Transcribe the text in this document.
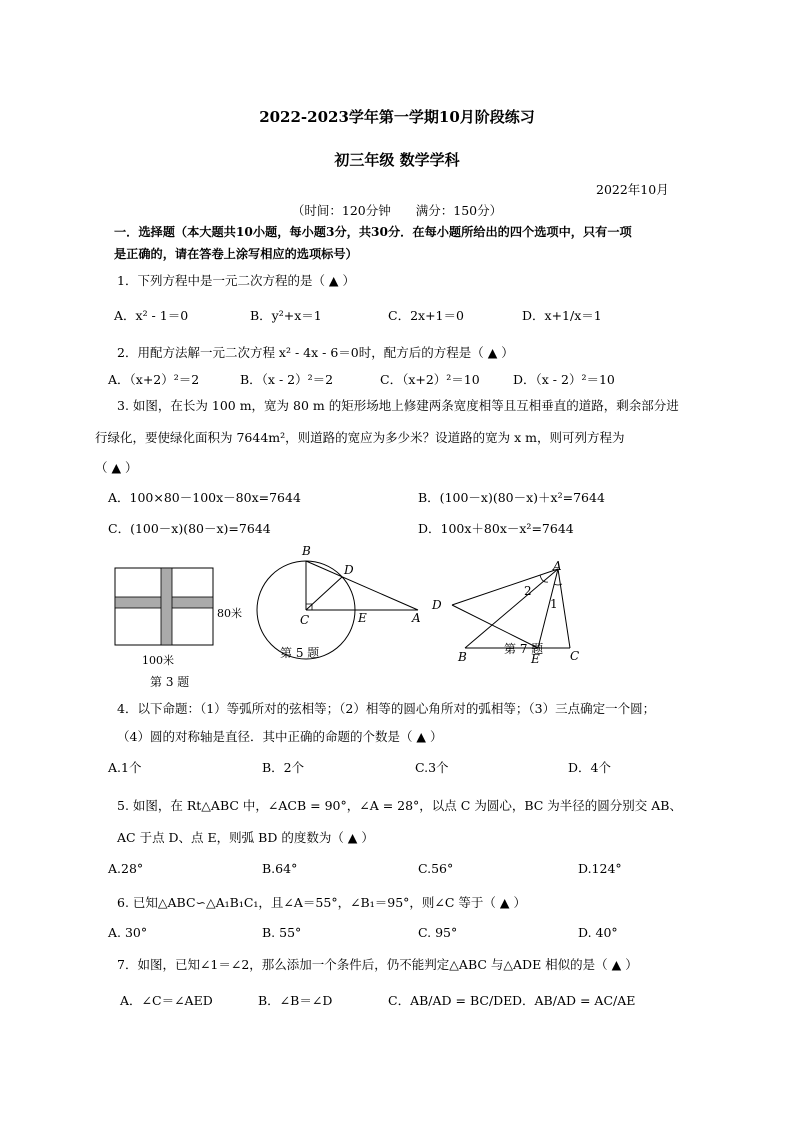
2022-2023学年第一学期10月阶段练习
初三年级 数学学科
2022年10月
（时间：120分钟　　满分：150分）
一．选择题（本大题共10小题，每小题3分，共30分．在每小题所给出的四个选项中，只有一项
是正确的，请在答卷上涂写相应的选项标号）
1．下列方程中是一元二次方程的是（ ▲ ）
A．x² - 1＝0	B．y²+x＝1	C．2x+1＝0	D．x+1/x＝1
2．用配方法解一元二次方程 x² - 4x - 6＝0时，配方后的方程是（ ▲ ）
A．（x+2）²＝2	B．（x - 2）²＝2	C．（x+2）²＝10	D．（x - 2）²＝10
3. 如图，在长为 100 m，宽为 80 m 的矩形场地上修建两条宽度相等且互相垂直的道路，剩余部分进
行绿化，要使绿化面积为 7644m²，则道路的宽应为多少米？设道路的宽为 x m，则可列方程为
（ ▲ ）
A．100×80－100x－80x=7644	B．(100－x)(80－x)＋x²=7644
C．(100－x)(80－x)=7644	D．100x＋80x－x²=7644
80米
100米
第 3 题
B
D
C	E	A
第 5 题
A
D
2
1
B	E	C
第 7 题
4．以下命题：（1）等弧所对的弦相等；（2）相等的圆心角所对的弧相等；（3）三点确定一个圆；
（4）圆的对称轴是直径．其中正确的命题的个数是（ ▲ ）
A.1个	B．2个	C.3个	D．4个
5. 如图，在 Rt△ABC 中，∠ACB = 90°，∠A = 28°，以点 C 为圆心，BC 为半径的圆分别交 AB、
AC 于点 D、点 E，则弧 BD 的度数为（ ▲ ）
A.28°	B.64°	C.56°	D.124°
6. 已知△ABC∽△A₁B₁C₁，且∠A＝55°，∠B₁＝95°，则∠C 等于（ ▲ ）
A. 30°	B. 55°	C. 95°	D. 40°
7．如图，已知∠1＝∠2，那么添加一个条件后，仍不能判定△ABC 与△ADE 相似的是（ ▲ ）
A．∠C＝∠AED	B．∠B＝∠D	C．AB/AD = BC/DE D．AB/AD = AC/AE
